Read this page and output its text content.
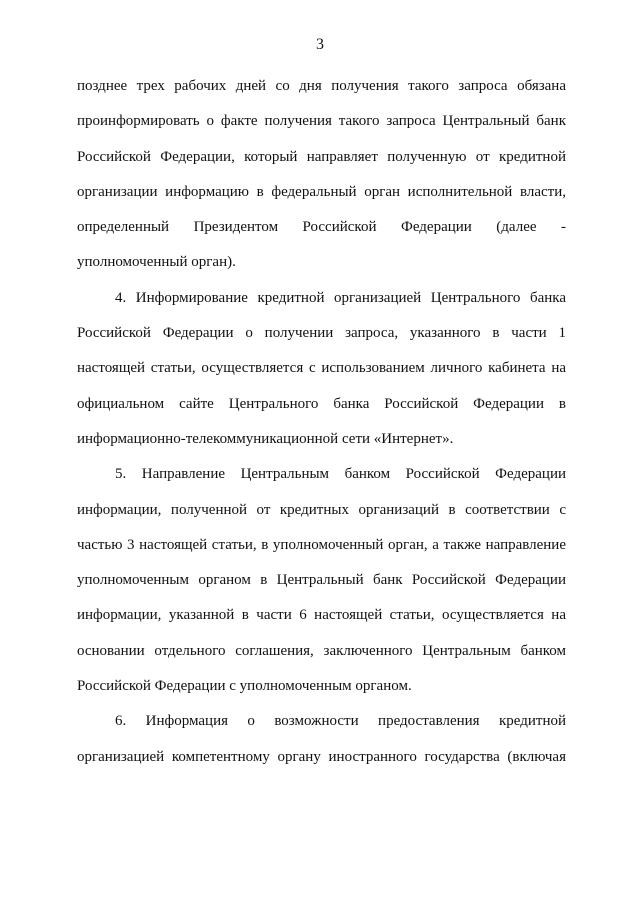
3
позднее трех рабочих дней со дня получения такого запроса обязана
проинформировать о факте получения такого запроса Центральный банк
Российской Федерации, который направляет полученную от кредитной
организации информацию в федеральный орган исполнительной власти,
определенный Президентом Российской Федерации (далее -
уполномоченный орган).
4. Информирование кредитной организацией Центрального банка
Российской Федерации о получении запроса, указанного в части 1
настоящей статьи, осуществляется с использованием личного кабинета на
официальном сайте Центрального банка Российской Федерации в
информационно-телекоммуникационной сети «Интернет».
5. Направление Центральным банком Российской Федерации
информации, полученной от кредитных организаций в соответствии с
частью 3 настоящей статьи, в уполномоченный орган, а также направление
уполномоченным органом в Центральный банк Российской Федерации
информации, указанной в части 6 настоящей статьи, осуществляется на
основании отдельного соглашения, заключенного Центральным банком
Российской Федерации с уполномоченным органом.
6. Информация о возможности предоставления кредитной
организацией компетентному органу иностранного государства (включая
